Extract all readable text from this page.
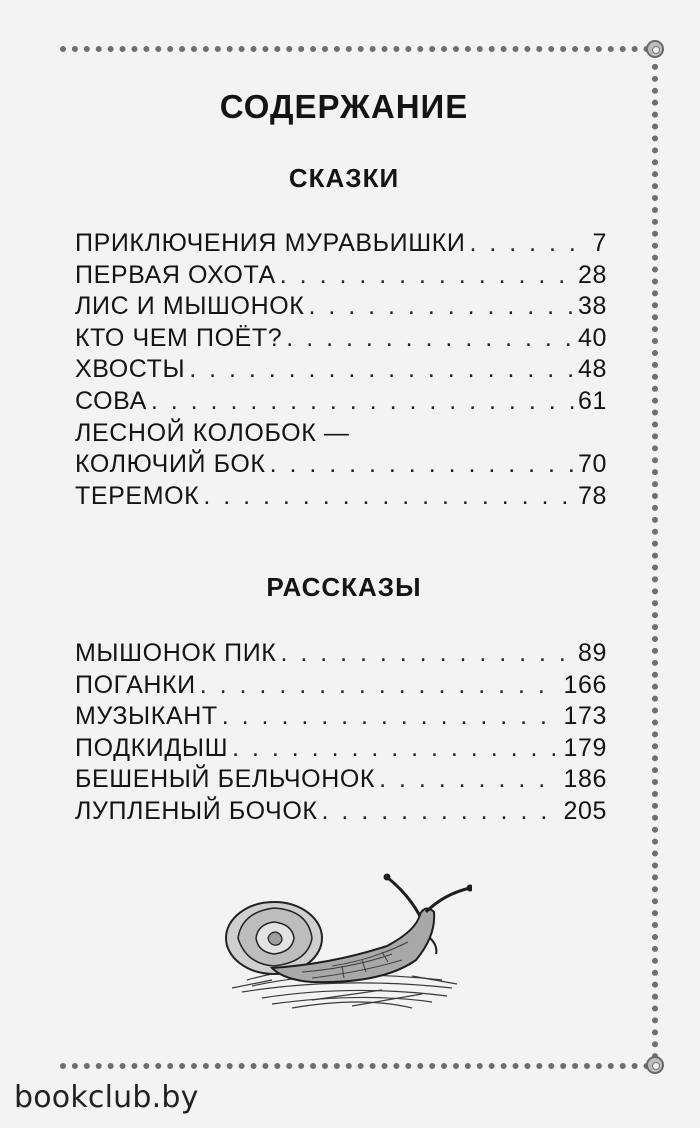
СОДЕРЖАНИЕ
СКАЗКИ
ПРИКЛЮЧЕНИЯ МУРАВЬИШКИ . . .	7
ПЕРВАЯ ОХОТА . . .	28
ЛИС И МЫШОНОК . . .	38
КТО ЧЕМ ПОЁТ? . . .	40
ХВОСТЫ . . .	48
СОВА . . .	61
ЛЕСНОЙ КОЛОБОК —
КОЛЮЧИЙ БОК . . .	70
ТЕРЕМОК . . .	78
РАССКАЗЫ
МЫШОНОК ПИК . . .	89
ПОГАНКИ . . .	166
МУЗЫКАНТ . . .	173
ПОДКИДЫШ . . .	179
БЕШЕНЫЙ БЕЛЬЧОНОК . . .	186
ЛУПЛЕНЫЙ БОЧОК . . .	205
bookclub.by
